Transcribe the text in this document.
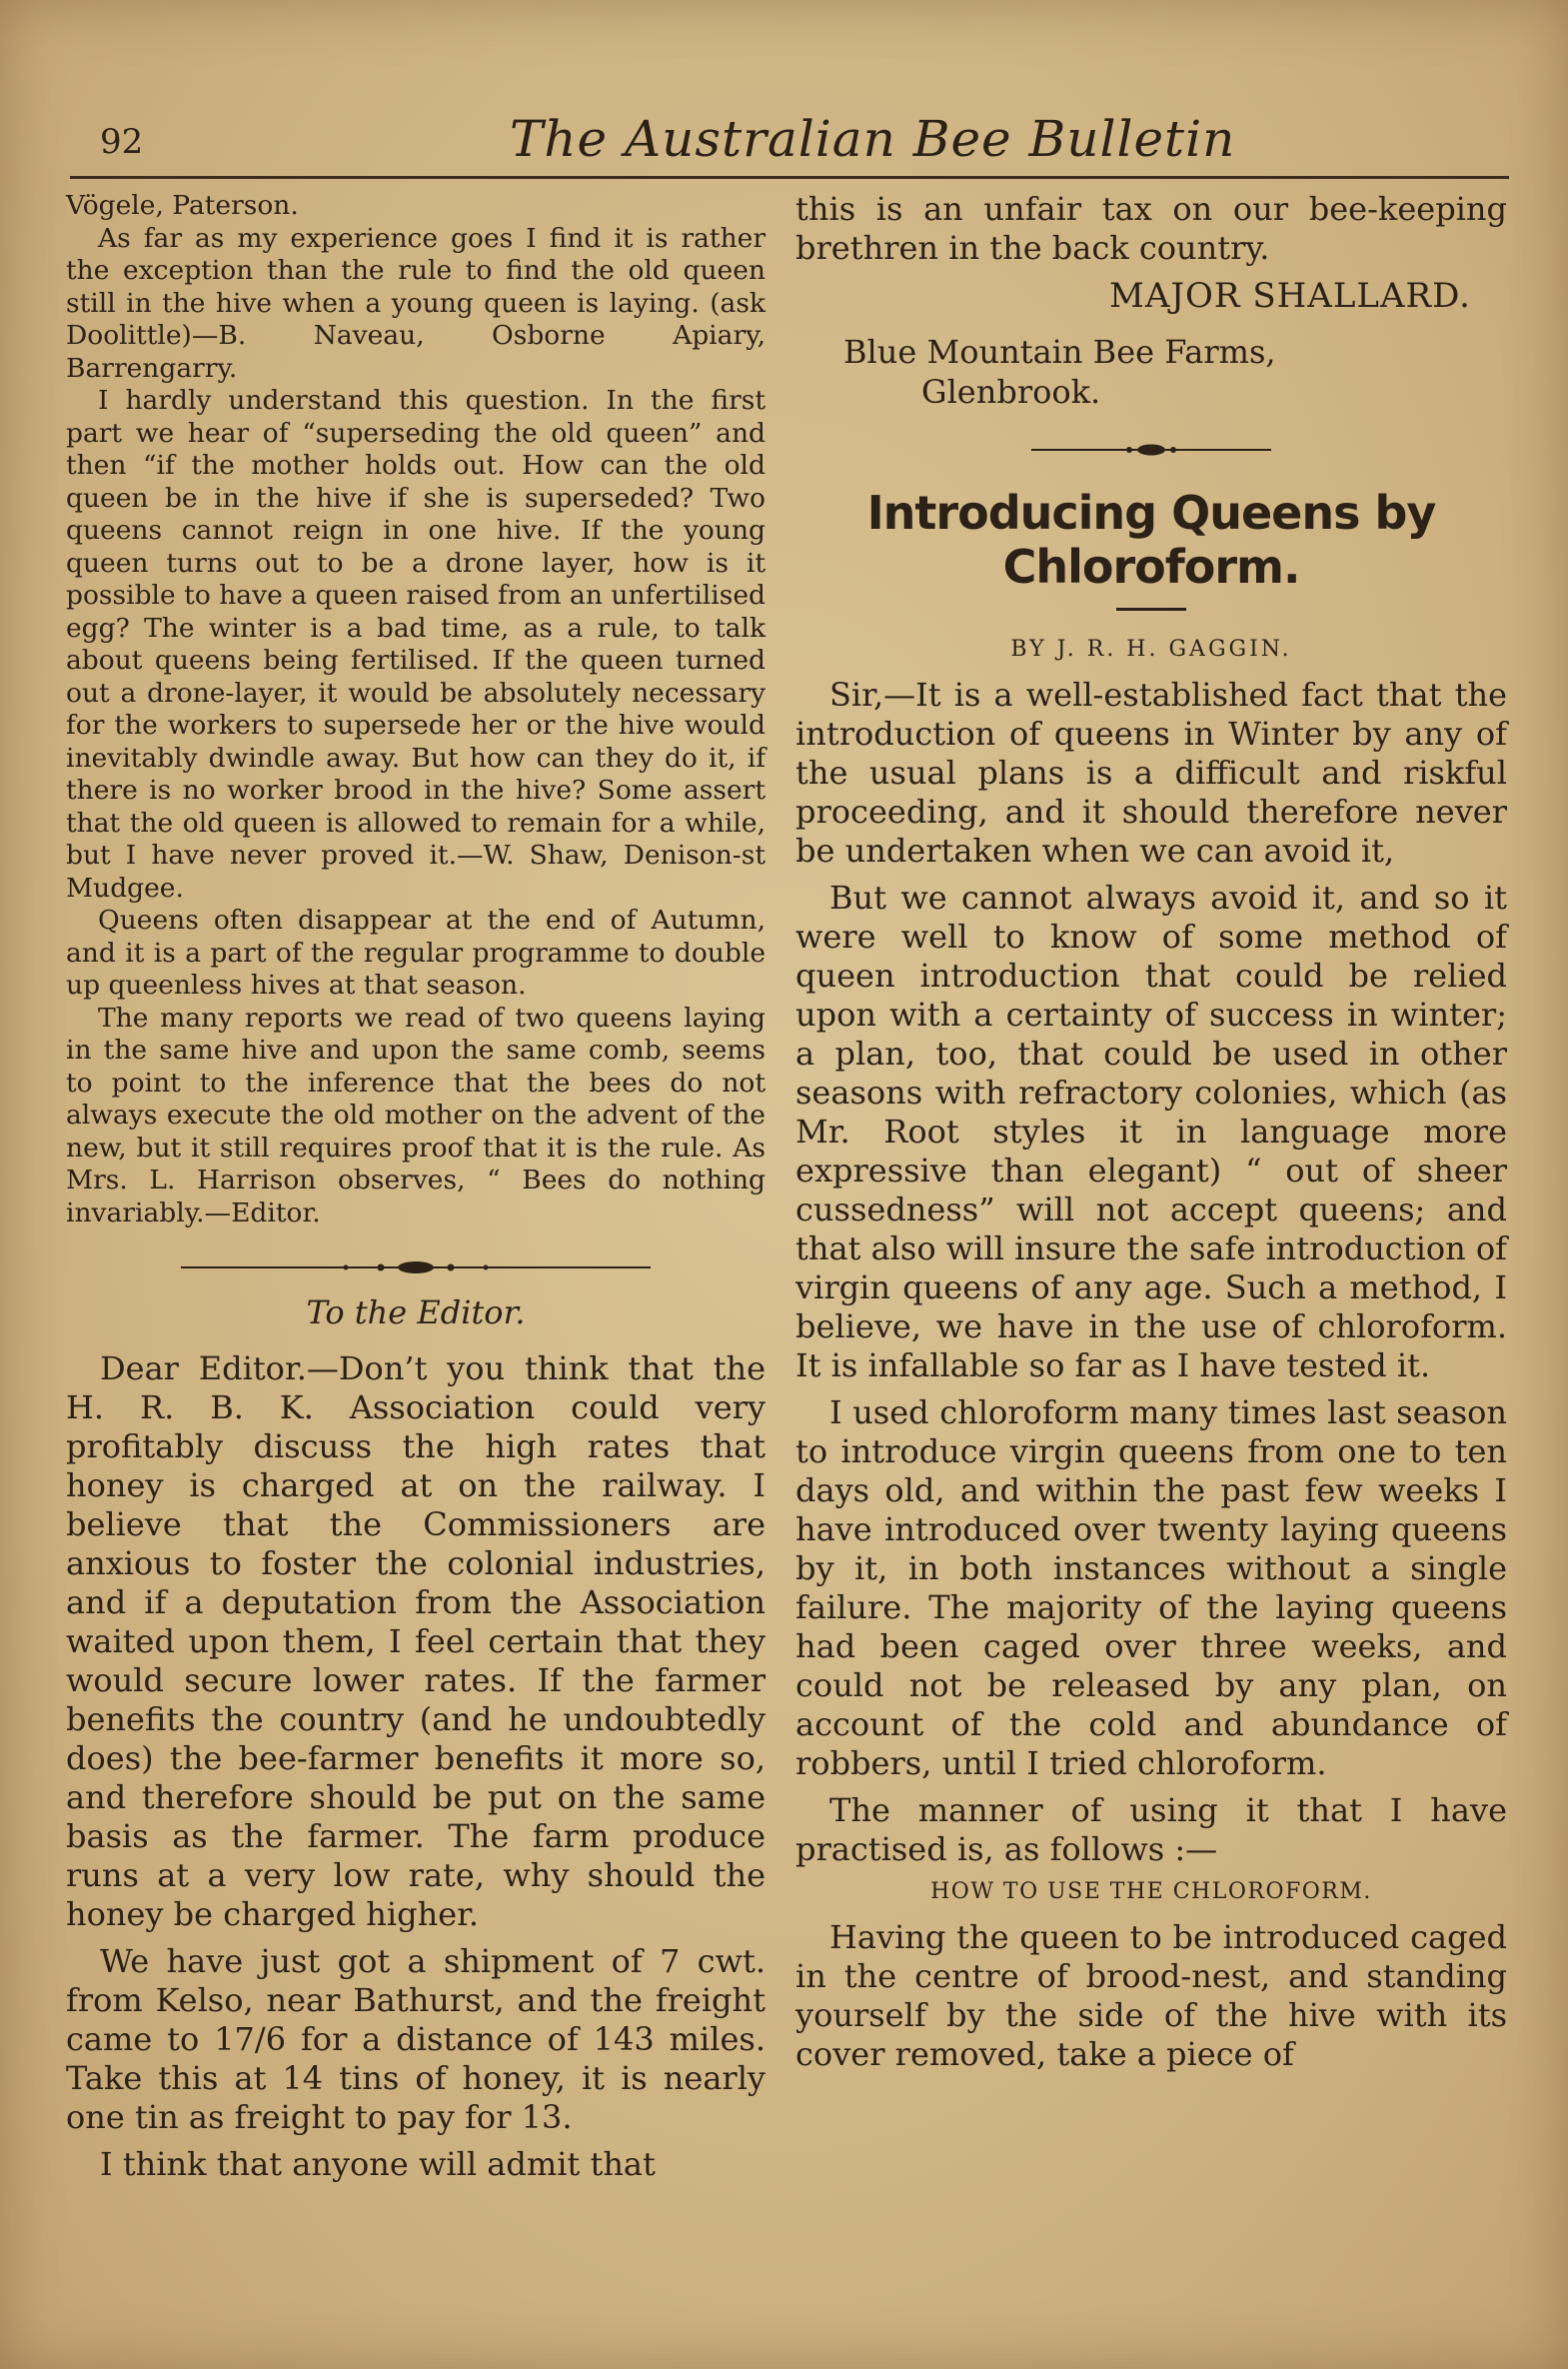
92	The Australian Bee Bulletin

Vögele, Paterson.

As far as my experience goes I find it is rather the exception than the rule to find the old queen still in the hive when a young queen is laying. (ask Doolittle)—B. Naveau, Osborne Apiary, Barrengarry.

I hardly understand this question. In the first part we hear of “superseding the old queen” and then “if the mother holds out. How can the old queen be in the hive if she is superseded? Two queens cannot reign in one hive. If the young queen turns out to be a drone layer, how is it possible to have a queen raised from an unfertilised egg? The winter is a bad time, as a rule, to talk about queens being fertilised. If the queen turned out a drone-layer, it would be absolutely necessary for the workers to supersede her or the hive would inevitably dwindle away. But how can they do it, if there is no worker brood in the hive? Some assert that the old queen is allowed to remain for a while, but I have never proved it.—W. Shaw, Denison-st Mudgee.

Queens often disappear at the end of Autumn, and it is a part of the regular programme to double up queenless hives at that season.

The many reports we read of two queens laying in the same hive and upon the same comb, seems to point to the inference that the bees do not always execute the old mother on the advent of the new, but it still requires proof that it is the rule. As Mrs. L. Harrison observes, “ Bees do nothing invariably.—Editor.

To the Editor.

Dear Editor.—Don’t you think that the H. R. B. K. Association could very profitably discuss the high rates that honey is charged at on the railway. I believe that the Commissioners are anxious to foster the colonial industries, and if a deputation from the Association waited upon them, I feel certain that they would secure lower rates. If the farmer benefits the country (and he undoubtedly does) the bee-farmer benefits it more so, and therefore should be put on the same basis as the farmer. The farm produce runs at a very low rate, why should the honey be charged higher.

We have just got a shipment of 7 cwt. from Kelso, near Bathurst, and the freight came to 17/6 for a distance of 143 miles. Take this at 14 tins of honey, it is nearly one tin as freight to pay for 13.

I think that anyone will admit that

this is an unfair tax on our bee-keeping brethren in the back country.

MAJOR SHALLARD.

Blue Mountain Bee Farms,
Glenbrook.

Introducing Queens by Chloroform.

BY J. R. H. GAGGIN.

Sir,—It is a well-established fact that the introduction of queens in Winter by any of the usual plans is a difficult and riskful proceeding, and it should therefore never be undertaken when we can avoid it,

But we cannot always avoid it, and so it were well to know of some method of queen introduction that could be relied upon with a certainty of success in winter; a plan, too, that could be used in other seasons with refractory colonies, which (as Mr. Root styles it in language more expressive than elegant) “ out of sheer cussedness” will not accept queens; and that also will insure the safe introduction of virgin queens of any age. Such a method, I believe, we have in the use of chloroform. It is infallable so far as I have tested it.

I used chloroform many times last season to introduce virgin queens from one to ten days old, and within the past few weeks I have introduced over twenty laying queens by it, in both instances without a single failure. The majority of the laying queens had been caged over three weeks, and could not be released by any plan, on account of the cold and abundance of robbers, until I tried chloroform.

The manner of using it that I have practised is, as follows :—

HOW TO USE THE CHLOROFORM.

Having the queen to be introduced caged in the centre of brood-nest, and standing yourself by the side of the hive with its cover removed, take a piece of
